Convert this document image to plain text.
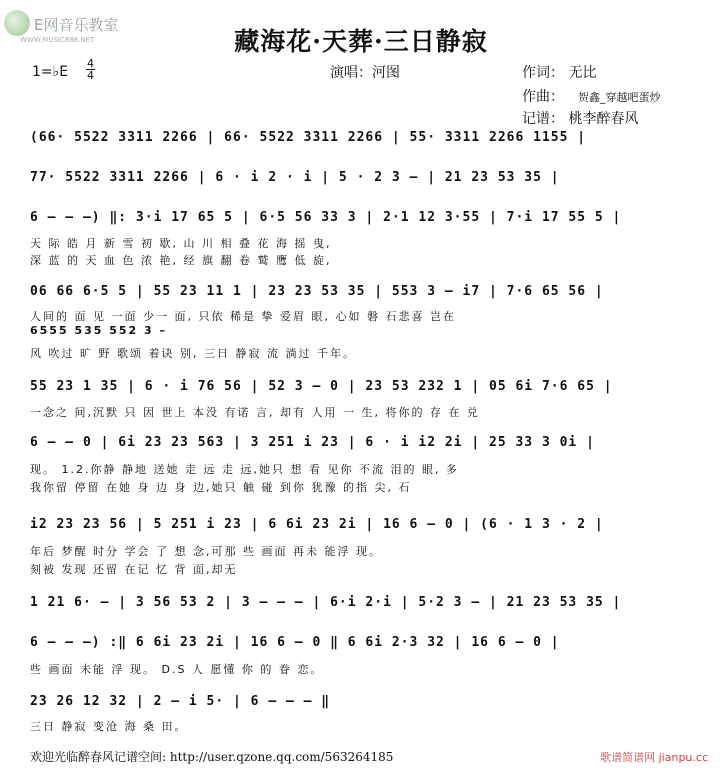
E网音乐教室
WWW.MUSIC888.NET	藏海花·天葬·三日静寂
演唱：河图	作词： 无比
作曲： 贺鑫_穿越吧蛋炒
记谱： 桃李醉春风
1=♭E
4
4
(66· 5522 3311 2266 | 66· 5522 3311 2266 | 55· 3311 2266 1155 |
77· 5522 3311 2266 | 6 · i 2 · i | 5 · 2 3 – | 21 23 53 35 |
6 – – –) ‖: 3·i 17 65 5 | 6·5 56 33 3 | 2·1 12 3·55 | 7·i 17 55 5 |
天 际 皓 月 新 雪 初 歇, 山 川 相 叠 花 海 摇 曳,
深 蓝 的 天 血 色 浓 艳, 经 旗 翻 卷 鹫 鹰 低 旋,
06 66 6·5 5 | 55 23 11 1 | 23 23 53 35 | 553 3 – i7 | 7·6 65 56 |
人间的 面 见 一面 少一 面, 只依 稀是 挚 爱眉 眼, 心如 磐 石悲喜 岂在
6555 535 552 3 –
风 吹过 旷 野 歌颂 着诀 别, 三日 静寂 流 淌过 千年。
55 23 1 35 | 6 · i 76 56 | 52 3 – 0 | 23 53 232 1 | 05 6i 7·6 65 |
一念之 间,沉默 只 因 世上 本没 有诺 言, 却有 人用 一 生, 将你的 存 在 兑
6 – – 0 | 6i 23 23 563 | 3 251 i 23 | 6 · i i2 2i | 25 33 3 0i |
现。 1.2.你静 静地 送她 走 远 走 远,她只 想 看 见你 不流 泪的 眼, 多
我你留 停留 在她 身 边 身 边,她只 触 碰 到你 犹豫 的指 尖, 石
i2 23 23 56 | 5 251 i 23 | 6 6i 23 2i | 16 6 – 0 | (6 · 1 3 · 2 |
年后 梦醒 时分 学会 了 想 念,可那 些 画面 再未 能浮 现。
刻被 发现 还留 在记 忆 背 面,却无
1 21 6· – | 3 56 53 2 | 3 – – – | 6·i 2·i | 5·2 3 – | 21 23 53 35 |
6 – – –) :‖ 6 6i 23 2i | 16 6 – 0 ‖ 6 6i 2·3 32 | 16 6 – 0 |
些 画面 未能 浮 现。 D.S 人 愿懂 你 的 眷 恋。
23 26 12 32 | 2 – i 5· | 6 – – – ‖
三日 静寂 变沧 海 桑 田。
欢迎光临醉春风记谱空间: http://user.qzone.qq.com/563264185	歌谱简谱网 jianpu.cc
